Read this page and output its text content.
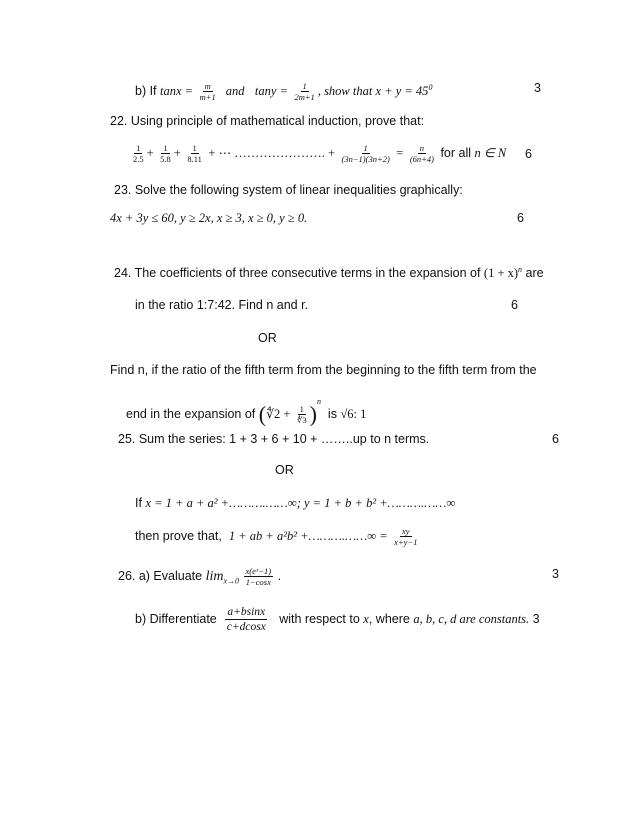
b) If $\tan x = \frac{m}{m+1}$ and $\tan y = \frac{1}{2m+1}$ , show that $x + y = 45^0$	3
22. Using principle of mathematical induction, prove that:
$\frac{1}{2.5} + \frac{1}{5.8} + \frac{1}{8.11}$ + ⋯ …………………. + $\frac{1}{(3n-1)(3n+2)} = \frac{n}{(6n+4)}$ for all n ∈ N 6
23. Solve the following system of linear inequalities graphically:
4x + 3y ≤ 60, y ≥ 2x, x ≥ 3, x ≥ 0, y ≥ 0.	6
24. The coefficients of three consecutive terms in the expansion of $(1 + x)^n$ are
in the ratio 1:7:42. Find n and r.	6
OR
Find n, if the ratio of the fifth term from the beginning to the fifth term from the
end in the expansion of (∜2 + $\frac{1}{∜3} )^n$  is √6: 1
25. Sum the series: 1 + 3 + 6 + 10 + ……..up to n terms.	6
OR
If x = 1 + a + a² +……….……∞; y = 1 + b + b² +……….……∞
then prove that, 1 + ab + a²b² +……….……∞ = $\frac{xy}{x+y-1}$
26. a) Evaluate $\lim_{x\to 0} \frac{\text{x(eˣ−1)}}{1-\cos x}$ .	3
b) Differentiate $\frac{a+bsinx}{c+dcosx}$ with respect to x, where a, b, c, d are constants. 3
